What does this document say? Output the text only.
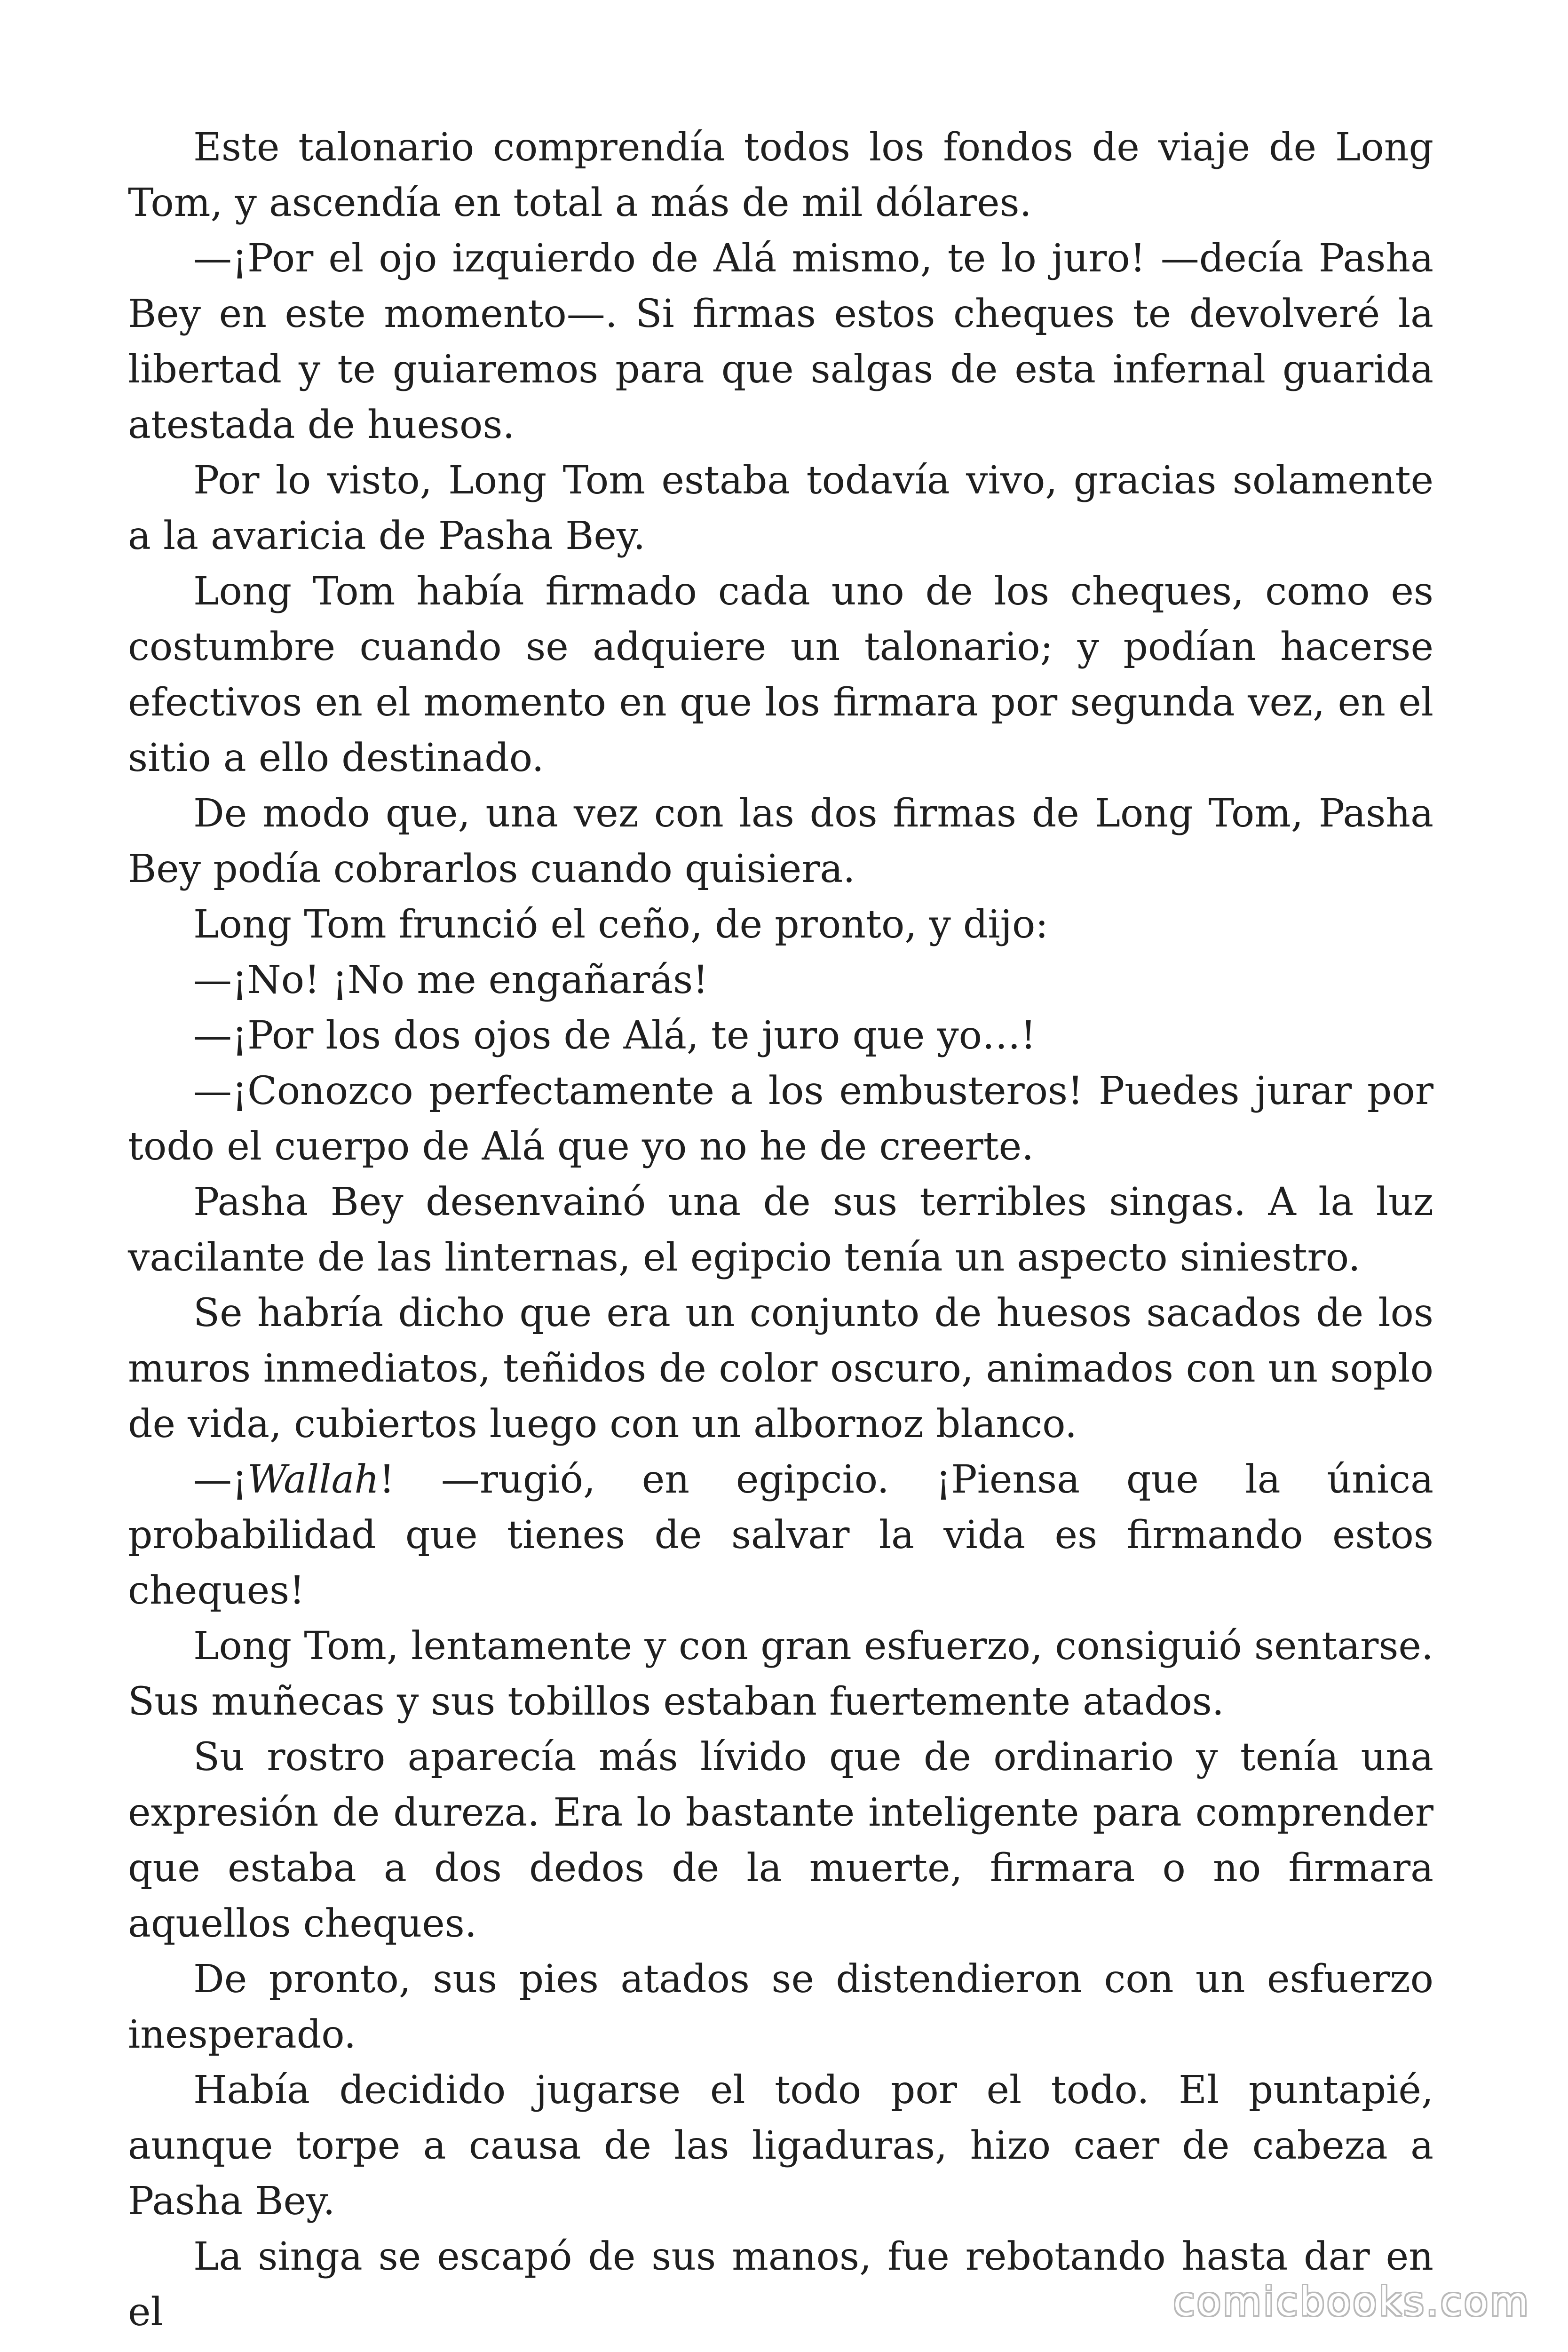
Este talonario comprendía todos los fondos de viaje de Long Tom, y ascendía en total a más de mil dólares.

—¡Por el ojo izquierdo de Alá mismo, te lo juro! —decía Pasha Bey en este momento—. Si firmas estos cheques te devolveré la libertad y te guiaremos para que salgas de esta infernal guarida atestada de huesos.

Por lo visto, Long Tom estaba todavía vivo, gracias solamente a la avaricia de Pasha Bey.

Long Tom había firmado cada uno de los cheques, como es costumbre cuando se adquiere un talonario; y podían hacerse efectivos en el momento en que los firmara por segunda vez, en el sitio a ello destinado.

De modo que, una vez con las dos firmas de Long Tom, Pasha Bey podía cobrarlos cuando quisiera.

Long Tom frunció el ceño, de pronto, y dijo:

—¡No! ¡No me engañarás!

—¡Por los dos ojos de Alá, te juro que yo…!

—¡Conozco perfectamente a los embusteros! Puedes jurar por todo el cuerpo de Alá que yo no he de creerte.

Pasha Bey desenvainó una de sus terribles singas. A la luz vacilante de las linternas, el egipcio tenía un aspecto siniestro.

Se habría dicho que era un conjunto de huesos sacados de los muros inmediatos, teñidos de color oscuro, animados con un soplo de vida, cubiertos luego con un albornoz blanco.

—¡Wallah! —rugió, en egipcio. ¡Piensa que la única probabilidad que tienes de salvar la vida es firmando estos cheques!

Long Tom, lentamente y con gran esfuerzo, consiguió sentarse. Sus muñecas y sus tobillos estaban fuertemente atados.

Su rostro aparecía más lívido que de ordinario y tenía una expresión de dureza. Era lo bastante inteligente para comprender que estaba a dos dedos de la muerte, firmara o no firmara aquellos cheques.

De pronto, sus pies atados se distendieron con un esfuerzo inesperado.

Había decidido jugarse el todo por el todo. El puntapié, aunque torpe a causa de las ligaduras, hizo caer de cabeza a Pasha Bey.

La singa se escapó de sus manos, fue rebotando hasta dar en el	comicbooks.com
